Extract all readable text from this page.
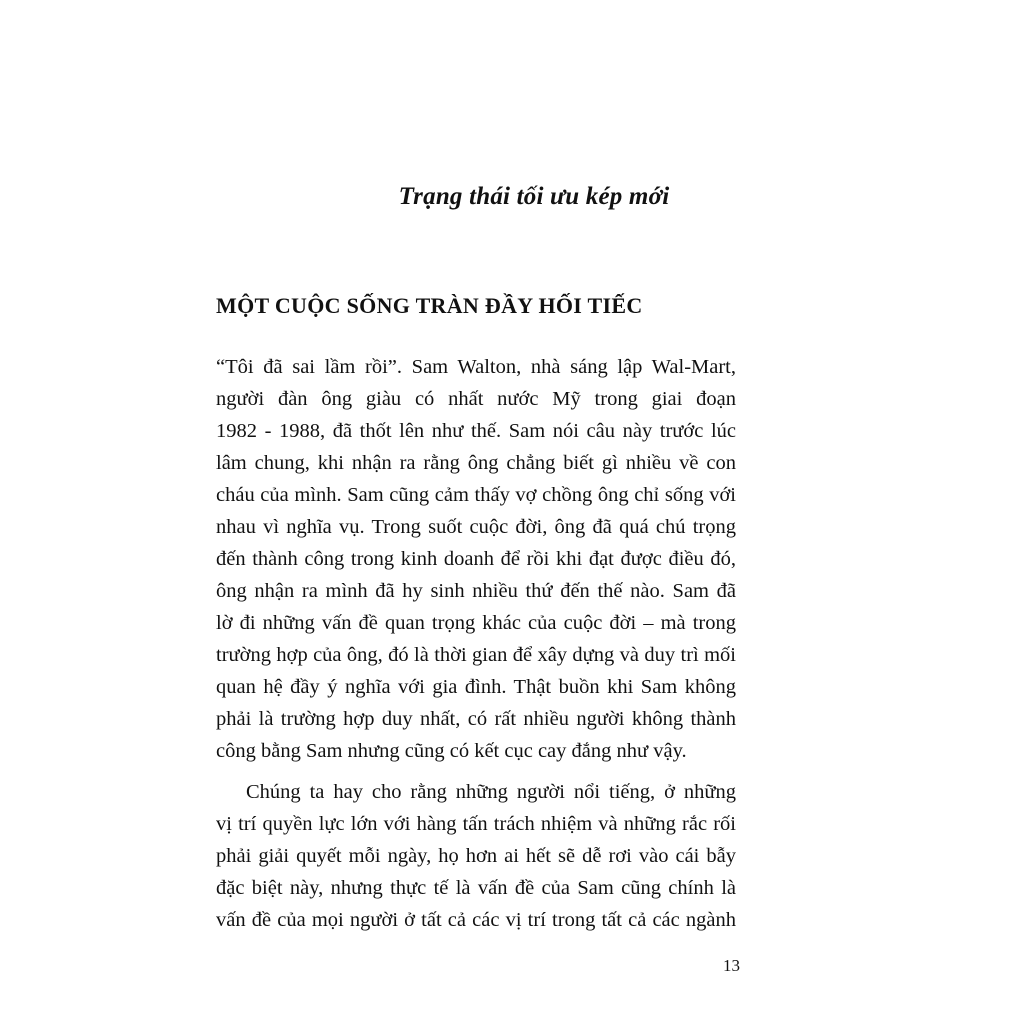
Trạng thái tối ưu kép mới
MỘT CUỘC SỐNG TRÀN ĐẦY HỐI TIẾC
“Tôi đã sai lầm rồi”. Sam Walton, nhà sáng lập Wal-Mart,
người đàn ông giàu có nhất nước Mỹ trong giai đoạn
1982 - 1988, đã thốt lên như thế. Sam nói câu này trước lúc
lâm chung, khi nhận ra rằng ông chẳng biết gì nhiều về con
cháu của mình. Sam cũng cảm thấy vợ chồng ông chỉ sống với
nhau vì nghĩa vụ. Trong suốt cuộc đời, ông đã quá chú trọng
đến thành công trong kinh doanh để rồi khi đạt được điều đó,
ông nhận ra mình đã hy sinh nhiều thứ đến thế nào. Sam đã
lờ đi những vấn đề quan trọng khác của cuộc đời – mà trong
trường hợp của ông, đó là thời gian để xây dựng và duy trì mối
quan hệ đầy ý nghĩa với gia đình. Thật buồn khi Sam không
phải là trường hợp duy nhất, có rất nhiều người không thành
công bằng Sam nhưng cũng có kết cục cay đắng như vậy.
Chúng ta hay cho rằng những người nổi tiếng, ở những
vị trí quyền lực lớn với hàng tấn trách nhiệm và những rắc rối
phải giải quyết mỗi ngày, họ hơn ai hết sẽ dễ rơi vào cái bẫy
đặc biệt này, nhưng thực tế là vấn đề của Sam cũng chính là
vấn đề của mọi người ở tất cả các vị trí trong tất cả các ngành
13
